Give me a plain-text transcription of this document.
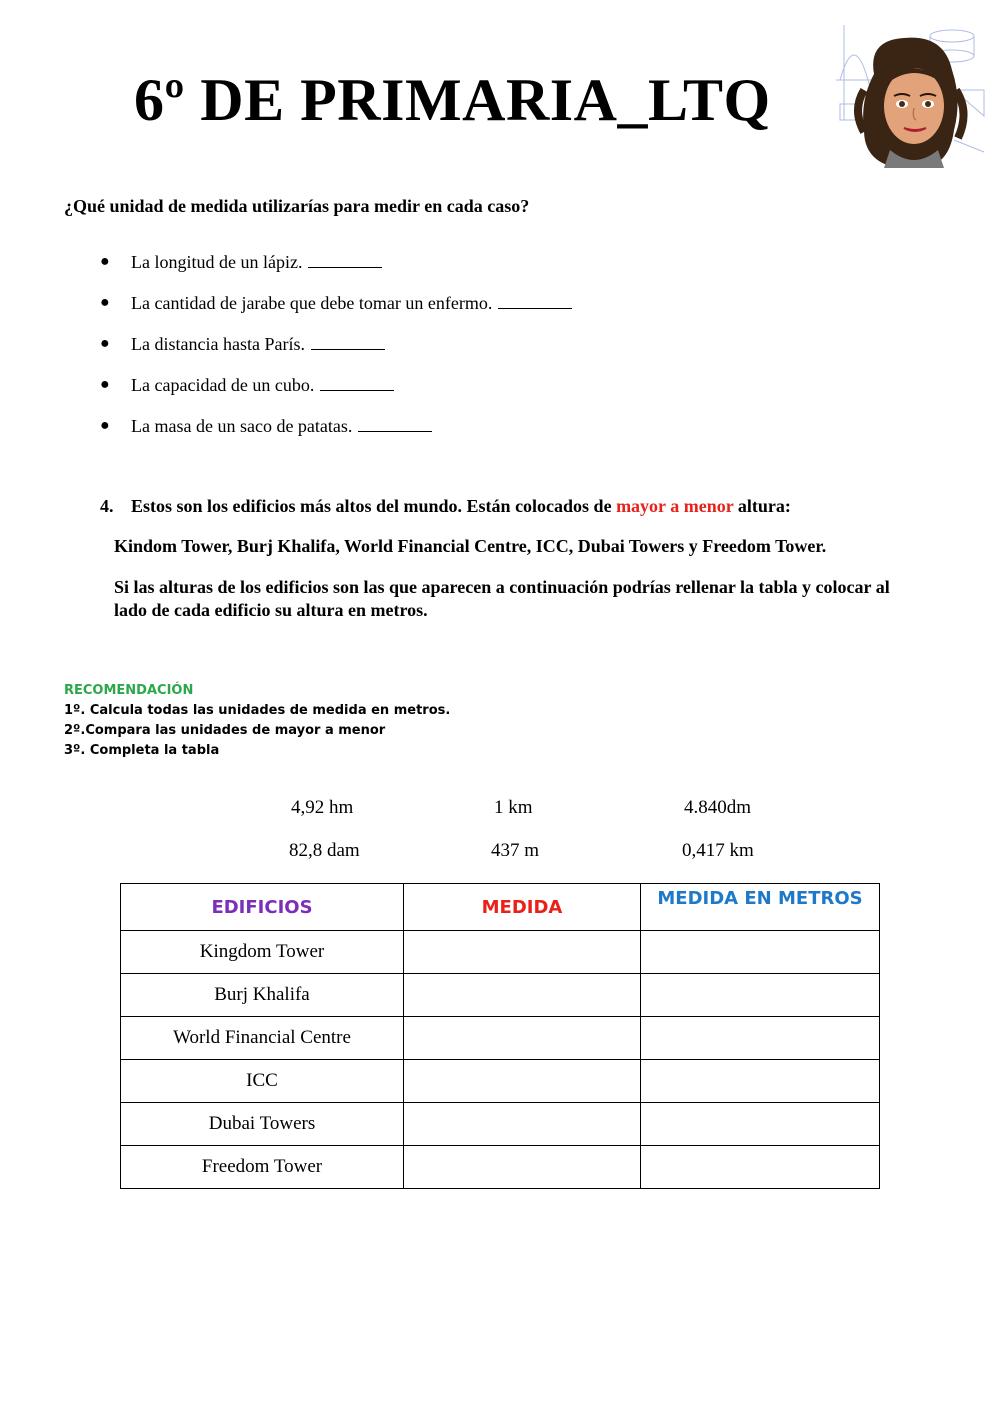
6º DE PRIMARIA_LTQ
¿Qué unidad de medida utilizarías para medir en cada caso?
● La longitud de un lápiz.
● La cantidad de jarabe que debe tomar un enfermo.
● La distancia hasta París.
● La capacidad de un cubo.
● La masa de un saco de patatas.
4. Estos son los edificios más altos del mundo. Están colocados de mayor a menor altura:
Kindom Tower, Burj Khalifa, World Financial Centre, ICC, Dubai Towers y Freedom Tower.
Si las alturas de los edificios son las que aparecen a continuación podrías rellenar la tabla y colocar al lado de cada edificio su altura en metros.
RECOMENDACIÓN
1º. Calcula todas las unidades de medida en metros.
2º.Compara las unidades de mayor a menor
3º. Completa la tabla
4,92 hm	1 km	4.840dm
82,8 dam	437 m	0,417 km
EDIFICIOS	MEDIDA	MEDIDA EN METROS
Kingdom Tower		
Burj Khalifa		
World Financial Centre		
ICC		
Dubai Towers		
Freedom Tower		
